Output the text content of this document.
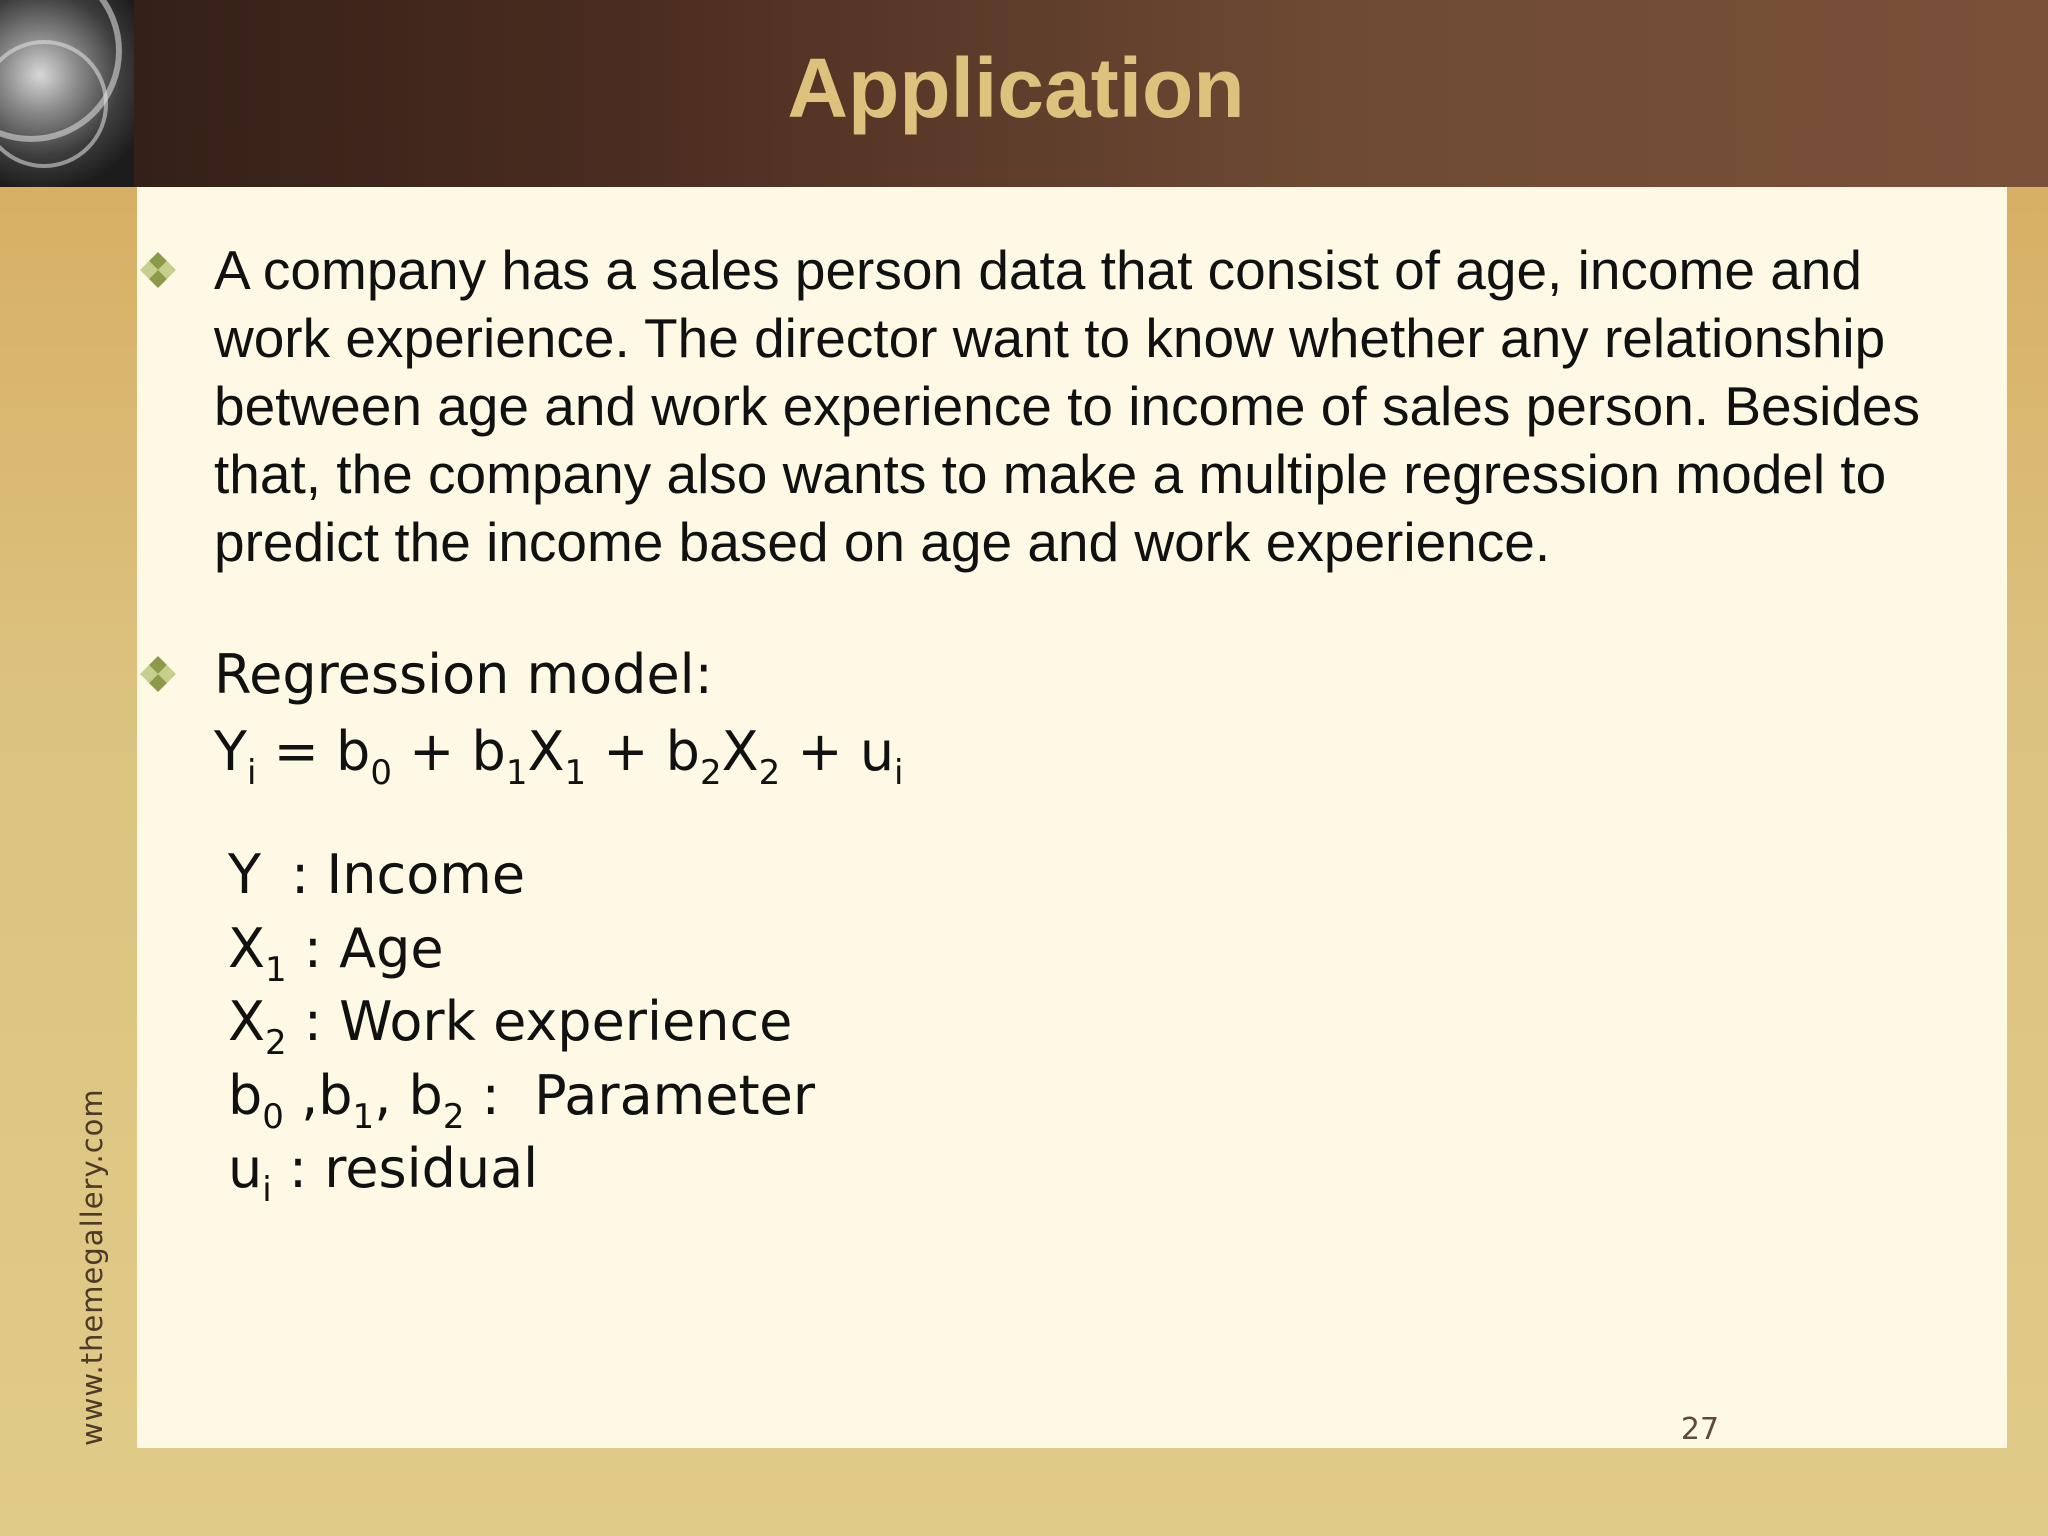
Application

A company has a sales person data that consist of age, income and work experience. The director want to know whether any relationship between age and work experience to income of sales person. Besides that, the company also wants to make a multiple regression model to predict the income based on age and work experience.

Regression model:

$Y_i = b_0 + b_1X_1 + b_2X_2 + u_i$

Y : Income
$X_1$ : Age
$X_2$ : Work experience
$b_0$ $,b_1$, $b_2$ :  Parameter
$u_i$ : residual
www.themegallery.com	27
